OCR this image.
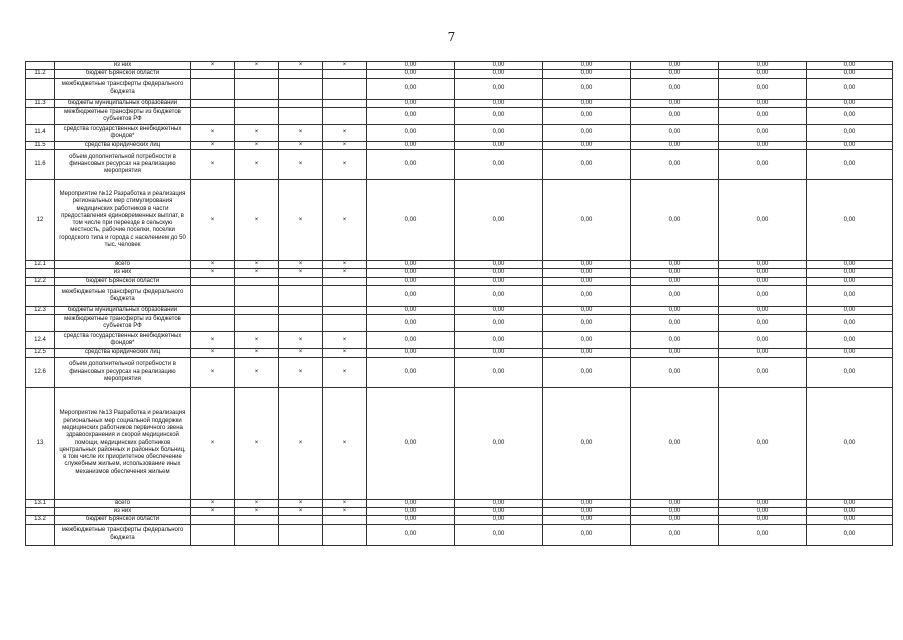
7
	из них	×	×	×	×	0,00	0,00	0,00	0,00	0,00	0,00
11.2	бюджет Брянской области					0,00	0,00	0,00	0,00	0,00	0,00
	межбюджетные трансферты федерального бюджета					0,00	0,00	0,00	0,00	0,00	0,00
11.3	бюджеты муниципальных образований					0,00	0,00	0,00	0,00	0,00	0,00
	межбюджетные трансферты из бюджетов субъектов РФ					0,00	0,00	0,00	0,00	0,00	0,00
11.4	средства государственных внебюджетных фондов*	×	×	×	×	0,00	0,00	0,00	0,00	0,00	0,00
11.5	средства юридических лиц	×	×	×	×	0,00	0,00	0,00	0,00	0,00	0,00
11.6	объем дополнительной потребности в финансовых ресурсах на реализацию мероприятия	×	×	×	×	0,00	0,00	0,00	0,00	0,00	0,00
12	Мероприятие №12 Разработка и реализация региональных мер стимулирования медицинских работников в части предоставления единовременных выплат, в том числе при переезде в сельскую местность, рабочие поселки, поселки городского типа и города с населением до 50 тыс. человек	×	×	×	×	0,00	0,00	0,00	0,00	0,00	0,00
12.1	всего	×	×	×	×	0,00	0,00	0,00	0,00	0,00	0,00
	из них	×	×	×	×	0,00	0,00	0,00	0,00	0,00	0,00
12.2	бюджет Брянской области					0,00	0,00	0,00	0,00	0,00	0,00
	межбюджетные трансферты федерального бюджета					0,00	0,00	0,00	0,00	0,00	0,00
12.3	бюджеты муниципальных образований					0,00	0,00	0,00	0,00	0,00	0,00
	межбюджетные трансферты из бюджетов субъектов РФ					0,00	0,00	0,00	0,00	0,00	0,00
12.4	средства государственных внебюджетных фондов*	×	×	×	×	0,00	0,00	0,00	0,00	0,00	0,00
12.5	средства юридических лиц	×	×	×	×	0,00	0,00	0,00	0,00	0,00	0,00
12.6	объем дополнительной потребности в финансовых ресурсах на реализацию мероприятия	×	×	×	×	0,00	0,00	0,00	0,00	0,00	0,00
13	Мероприятие №13 Разработка и реализация региональных мер социальной поддержки медицинских работников первичного звена здравоохранения и скорой медицинской помощи, медицинских работников центральных районных и районных больниц, в том числе их приоритетное обеспечение служебным жильем, использование иных механизмов обеспечения жильем	×	×	×	×	0,00	0,00	0,00	0,00	0,00	0,00
13.1	всего	×	×	×	×	0,00	0,00	0,00	0,00	0,00	0,00
	из них	×	×	×	×	0,00	0,00	0,00	0,00	0,00	0,00
13.2	бюджет Брянской области					0,00	0,00	0,00	0,00	0,00	0,00
	межбюджетные трансферты федерального бюджета					0,00	0,00	0,00	0,00	0,00	0,00
